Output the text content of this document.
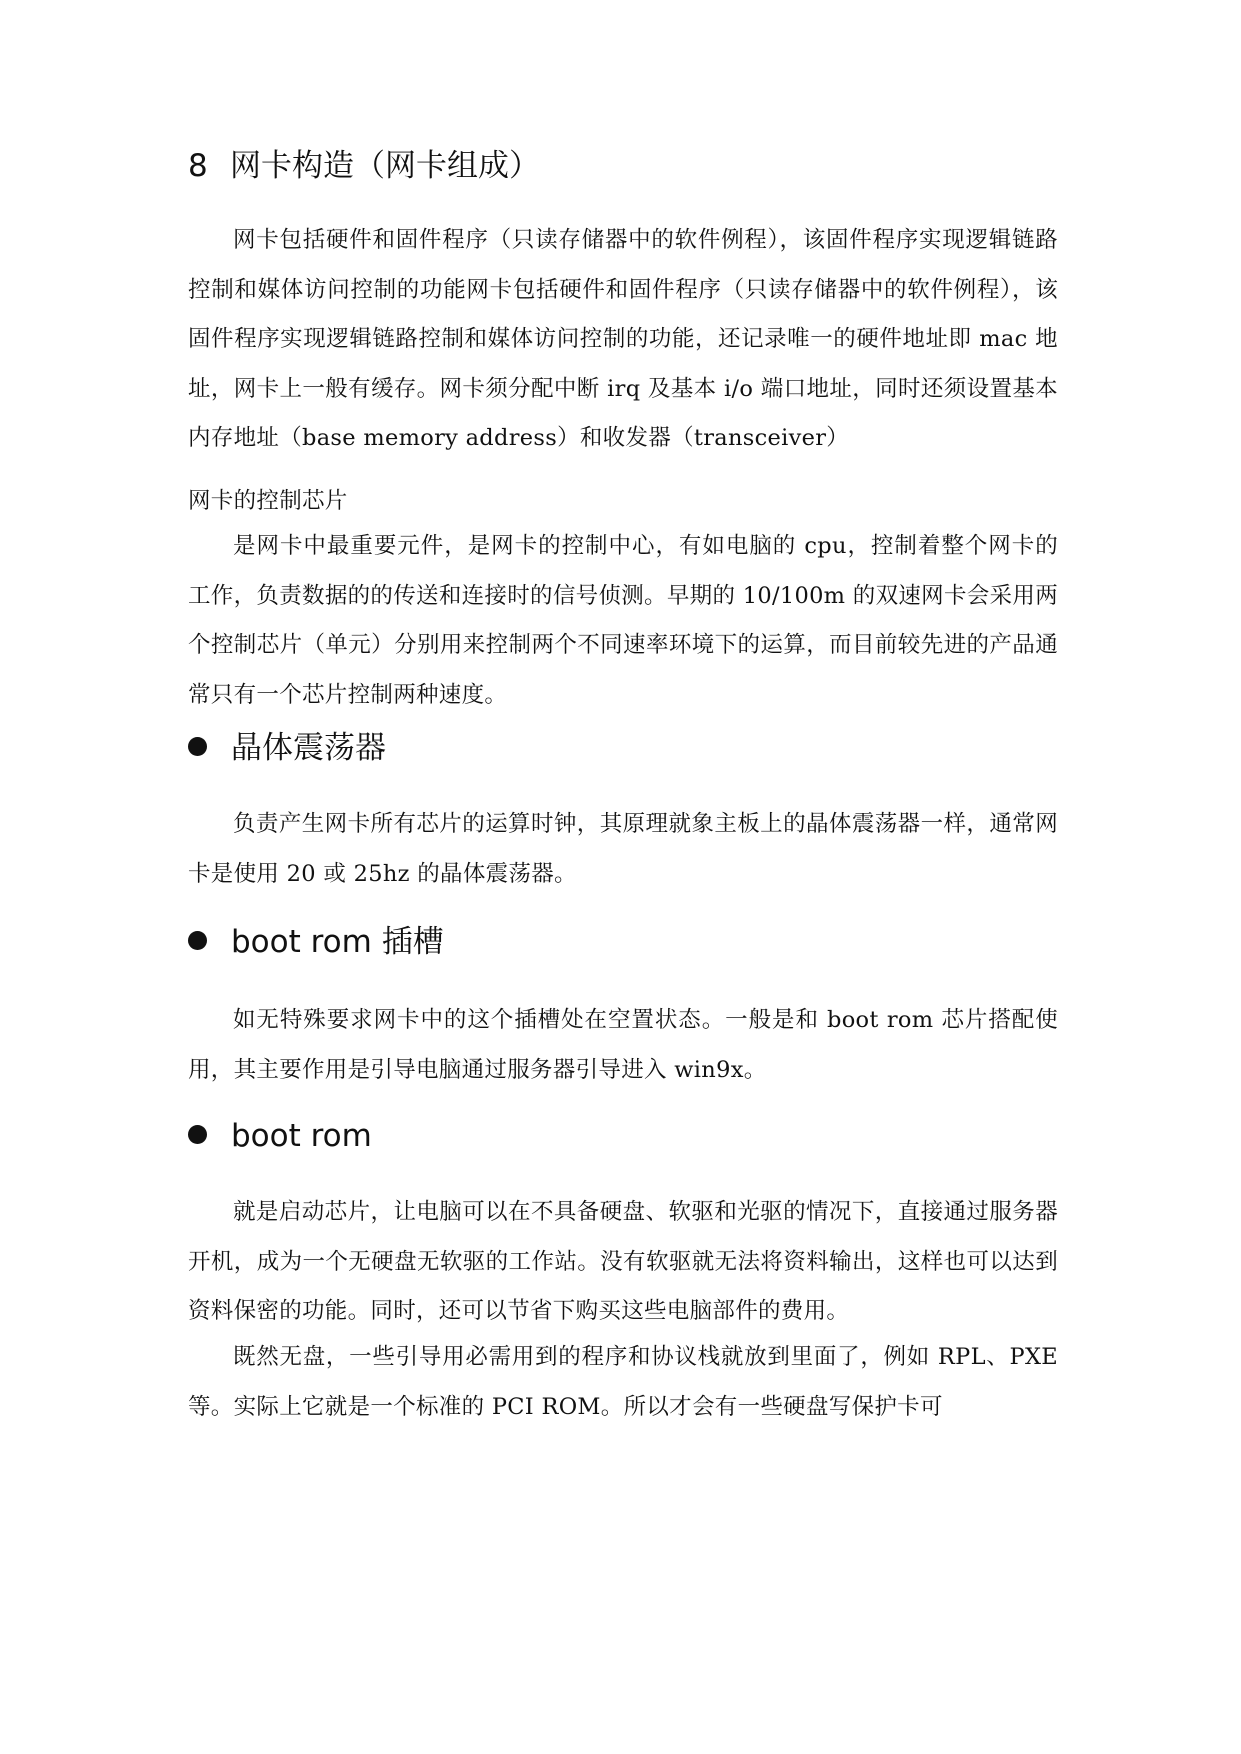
8 网卡构造（网卡组成）
网卡包括硬件和固件程序（只读存储器中的软件例程），该固件程序实现逻辑链路控制和媒体访问控制的功能网卡包括硬件和固件程序（只读存储器中的软件例程），该固件程序实现逻辑链路控制和媒体访问控制的功能，还记录唯一的硬件地址即 mac 地址，网卡上一般有缓存。网卡须分配中断 irq 及基本 i/o 端口地址，同时还须设置基本内存地址（base memory address）和收发器（transceiver）
网卡的控制芯片
是网卡中最重要元件，是网卡的控制中心，有如电脑的 cpu，控制着整个网卡的工作，负责数据的的传送和连接时的信号侦测。早期的 10/100m 的双速网卡会采用两个控制芯片（单元）分别用来控制两个不同速率环境下的运算，而目前较先进的产品通常只有一个芯片控制两种速度。
晶体震荡器
负责产生网卡所有芯片的运算时钟，其原理就象主板上的晶体震荡器一样，通常网卡是使用 20 或 25hz 的晶体震荡器。
boot rom 插槽
如无特殊要求网卡中的这个插槽处在空置状态。一般是和 boot rom 芯片搭配使用，其主要作用是引导电脑通过服务器引导进入 win9x。
boot rom
就是启动芯片，让电脑可以在不具备硬盘、软驱和光驱的情况下，直接通过服务器开机，成为一个无硬盘无软驱的工作站。没有软驱就无法将资料输出，这样也可以达到资料保密的功能。同时，还可以节省下购买这些电脑部件的费用。
既然无盘，一些引导用必需用到的程序和协议栈就放到里面了，例如 RPL、PXE 等。实际上它就是一个标准的 PCI ROM。所以才会有一些硬盘写保护卡可
